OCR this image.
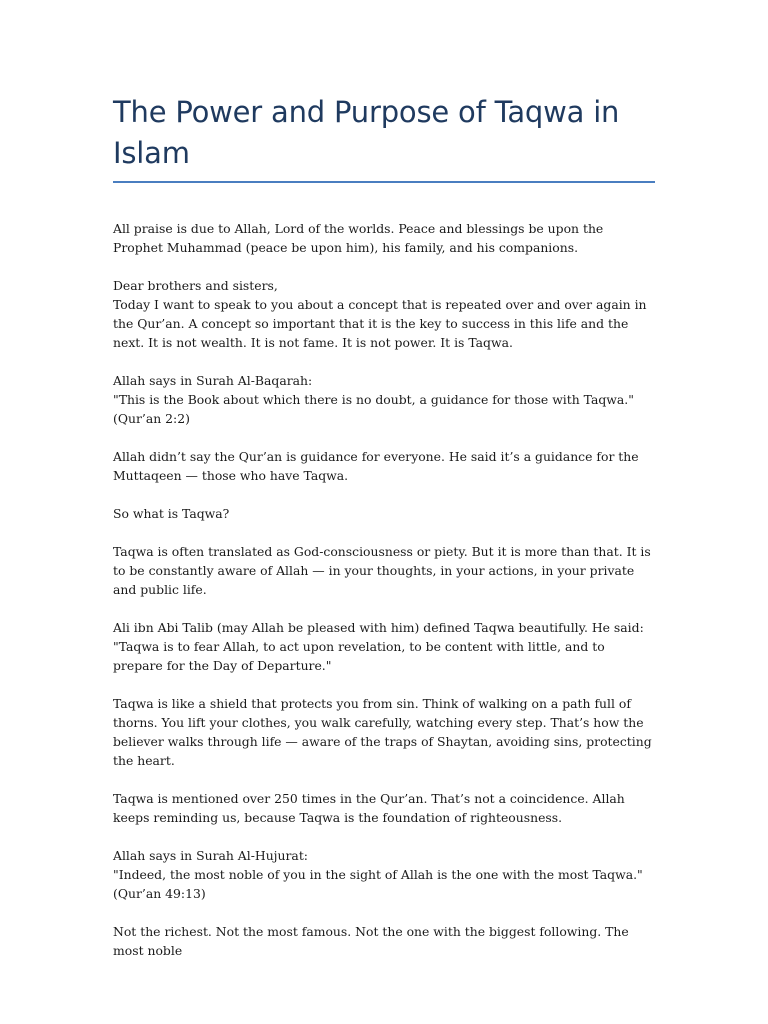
The Power and Purpose of Taqwa in Islam

All praise is due to Allah, Lord of the worlds. Peace and blessings be upon the Prophet Muhammad (peace be upon him), his family, and his companions.

Dear brothers and sisters,
Today I want to speak to you about a concept that is repeated over and over again in the Qur’an. A concept so important that it is the key to success in this life and the next. It is not wealth. It is not fame. It is not power. It is Taqwa.

Allah says in Surah Al-Baqarah:
"This is the Book about which there is no doubt, a guidance for those with Taqwa." (Qur’an 2:2)

Allah didn’t say the Qur’an is guidance for everyone. He said it’s a guidance for the Muttaqeen — those who have Taqwa.

So what is Taqwa?

Taqwa is often translated as God-consciousness or piety. But it is more than that. It is to be constantly aware of Allah — in your thoughts, in your actions, in your private and public life.

Ali ibn Abi Talib (may Allah be pleased with him) defined Taqwa beautifully. He said:
"Taqwa is to fear Allah, to act upon revelation, to be content with little, and to prepare for the Day of Departure."

Taqwa is like a shield that protects you from sin. Think of walking on a path full of thorns. You lift your clothes, you walk carefully, watching every step. That’s how the believer walks through life — aware of the traps of Shaytan, avoiding sins, protecting the heart.

Taqwa is mentioned over 250 times in the Qur’an. That’s not a coincidence. Allah keeps reminding us, because Taqwa is the foundation of righteousness.

Allah says in Surah Al-Hujurat:
"Indeed, the most noble of you in the sight of Allah is the one with the most Taqwa." (Qur’an 49:13)

Not the richest. Not the most famous. Not the one with the biggest following. The most noble
